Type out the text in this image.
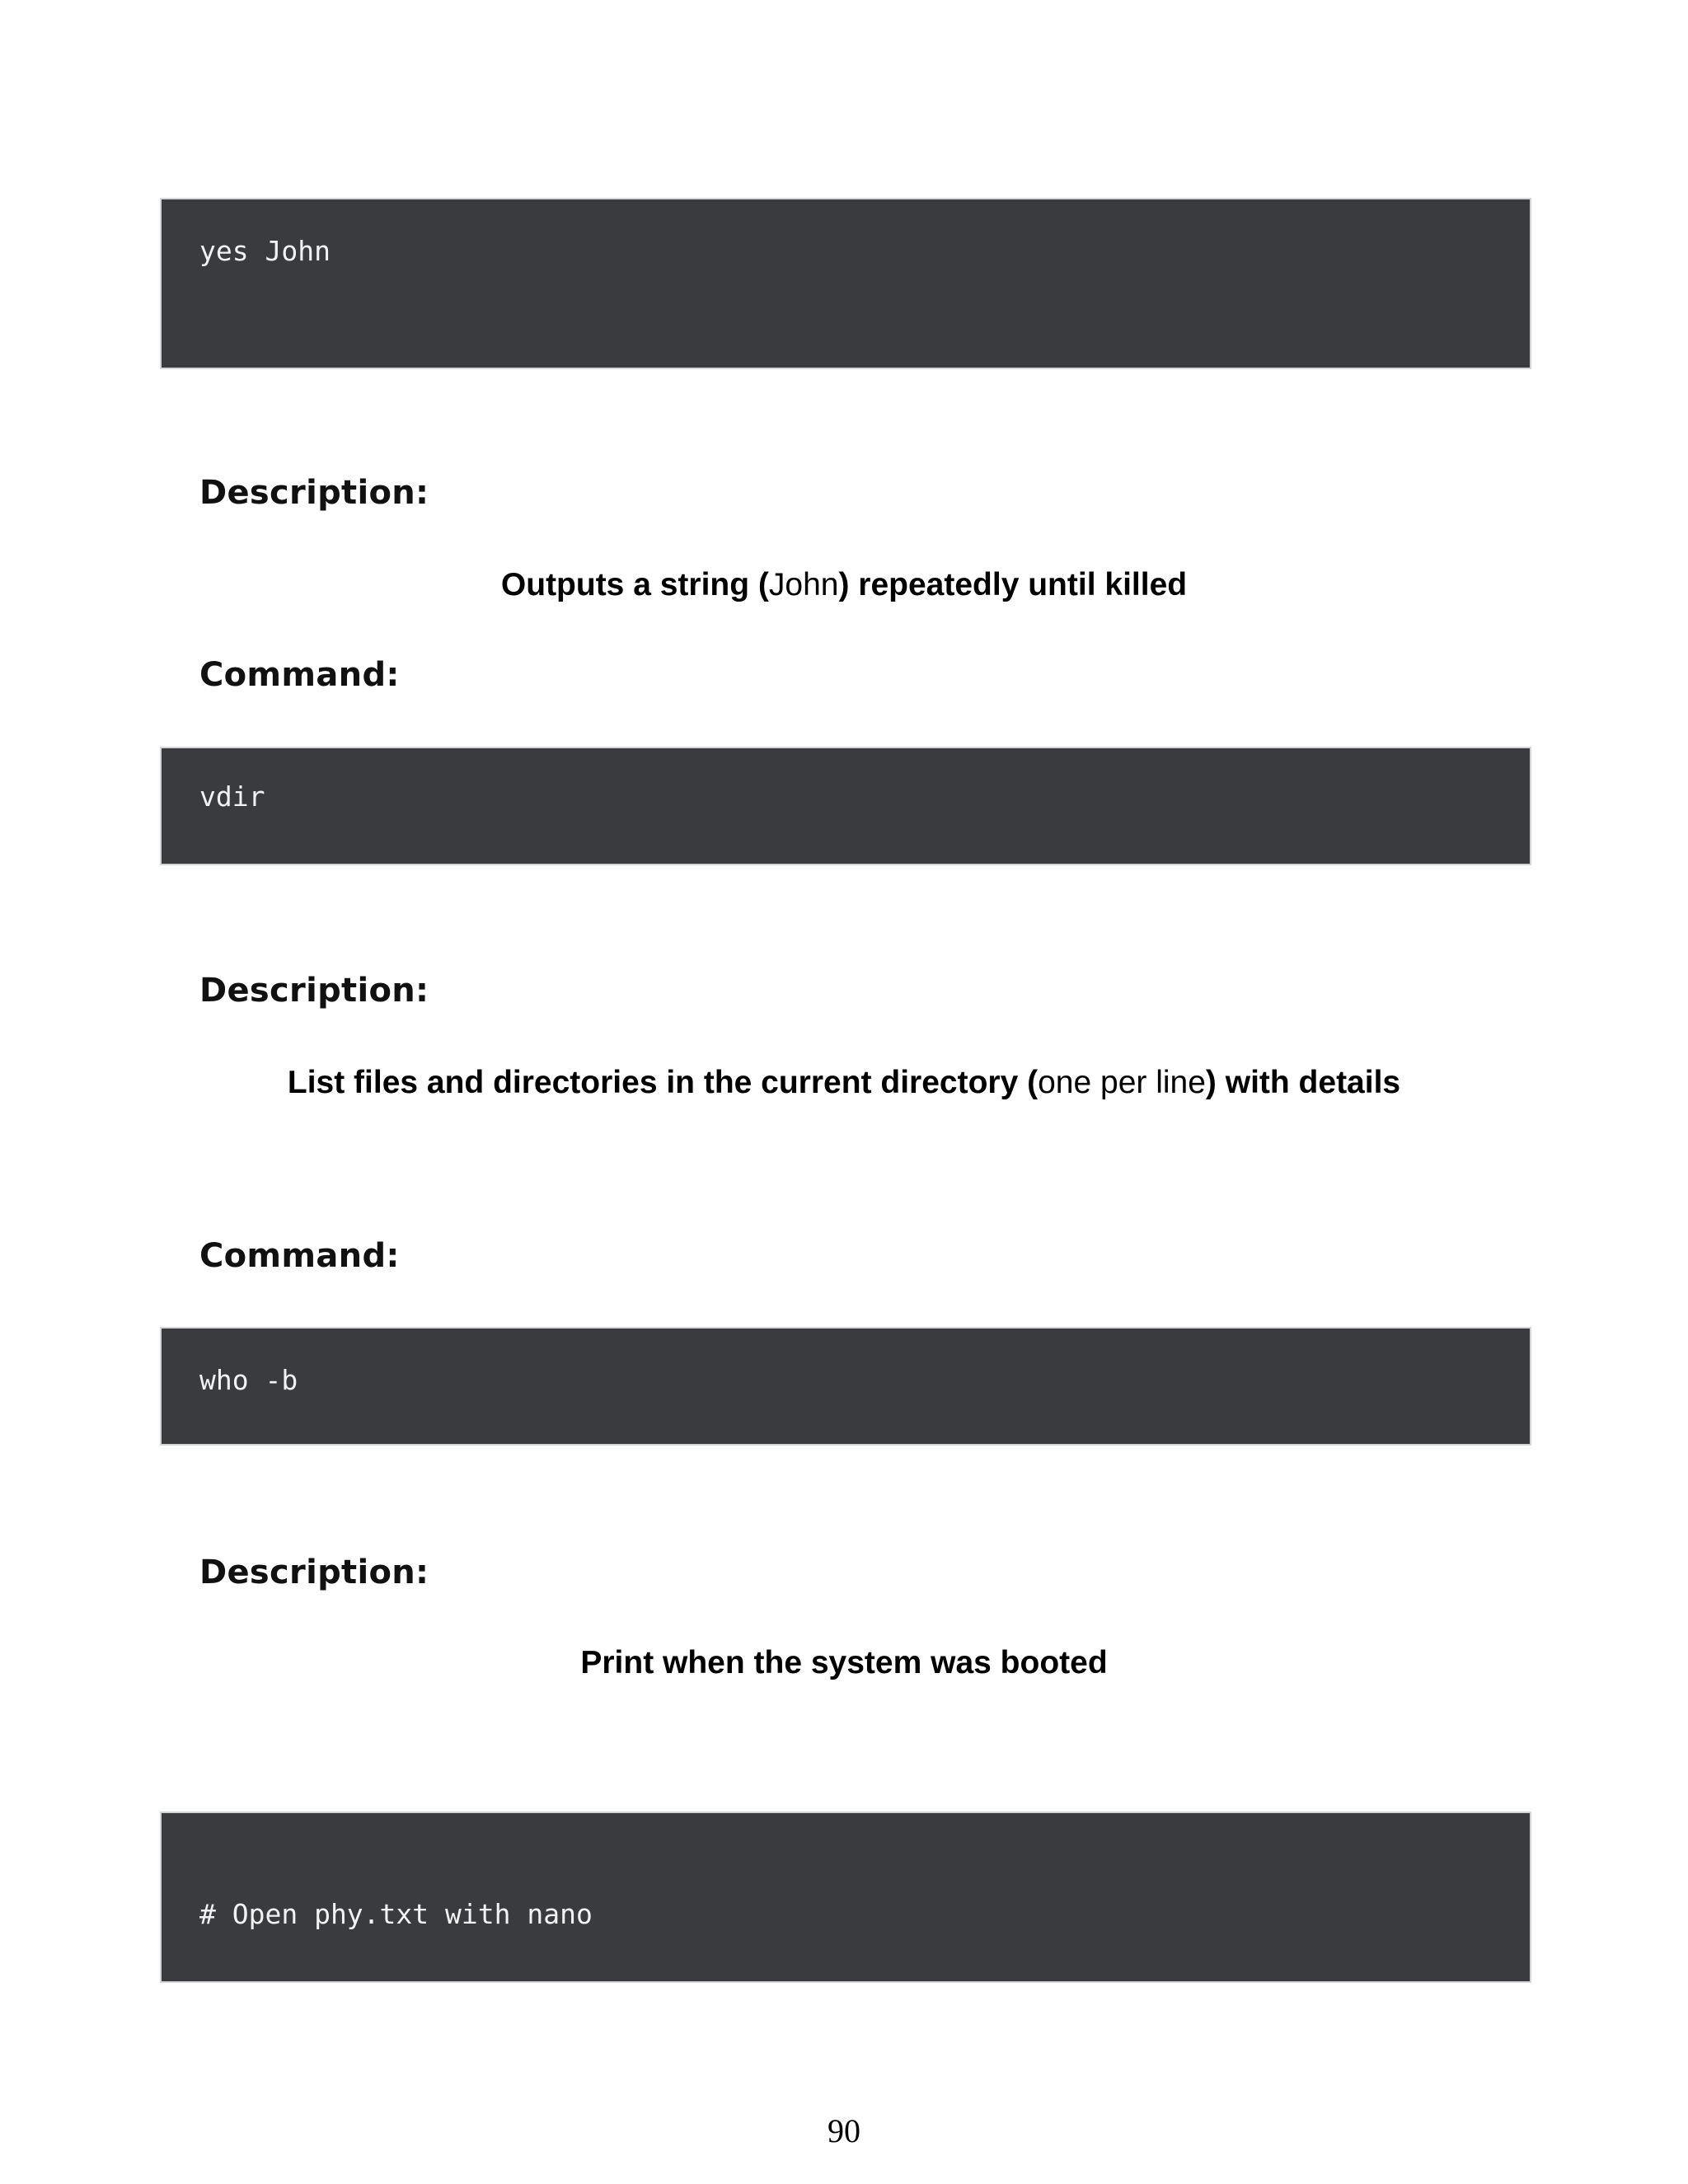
yes John
Description:
Outputs a string (John) repeatedly until killed
Command:
vdir
Description:
List files and directories in the current directory (one per line) with details
Command:
who -b
Description:
Print when the system was booted
# Open phy.txt with nano
90
